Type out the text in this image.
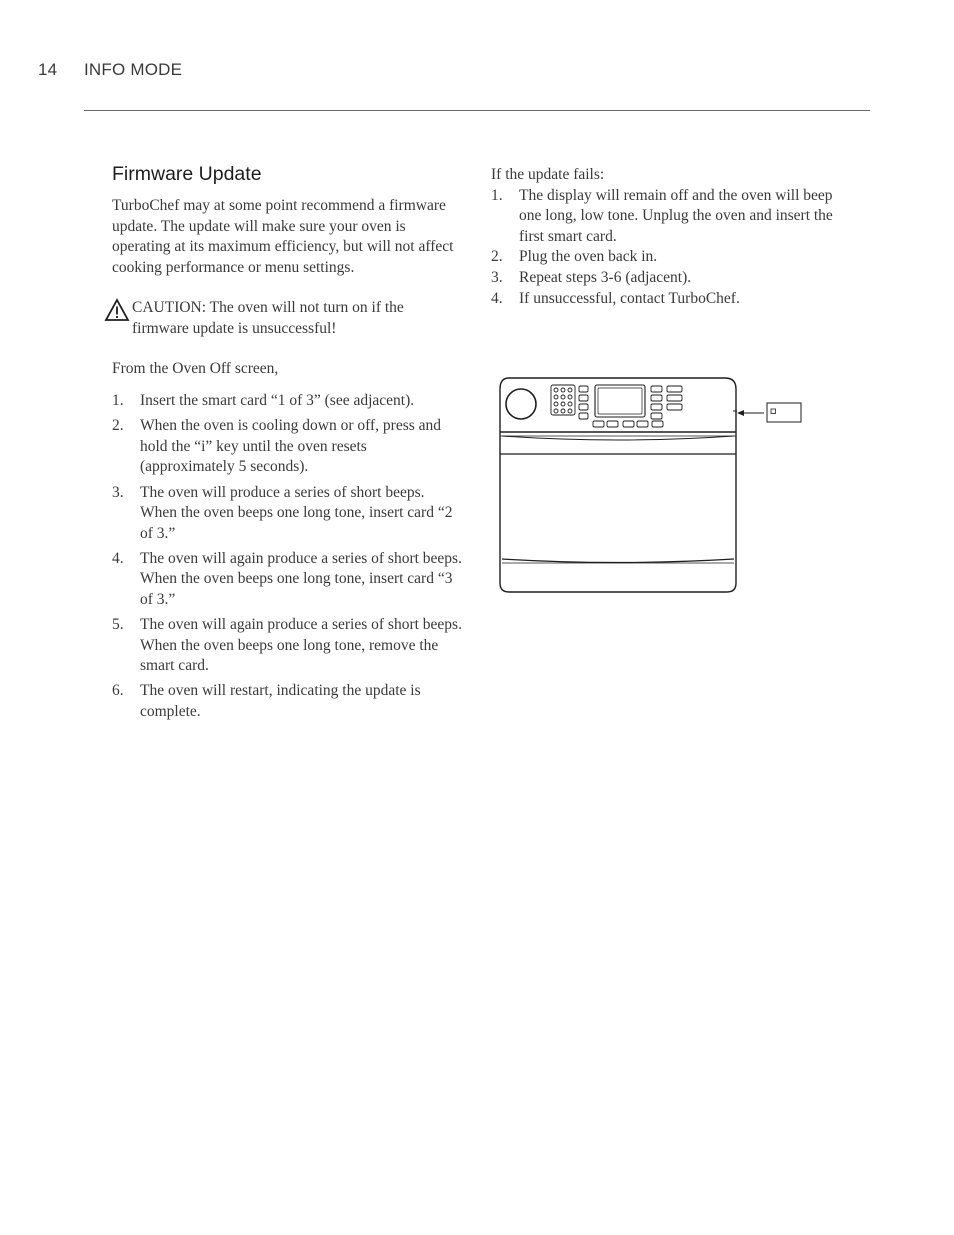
14 INFO MODE
Firmware Update

TurboChef may at some point recommend a firmware update. The update will make sure your oven is operating at its maximum efficiency, but will not affect cooking performance or menu settings.

CAUTION: The oven will not turn on if the firmware update is unsuccessful!

From the Oven Off screen,

1. Insert the smart card “1 of 3” (see adjacent).
2. When the oven is cooling down or off, press and hold the “i” key until the oven resets (approximately 5 seconds).
3. The oven will produce a series of short beeps. When the oven beeps one long tone, insert card “2 of 3.”
4. The oven will again produce a series of short beeps. When the oven beeps one long tone, insert card “3 of 3.”
5. The oven will again produce a series of short beeps. When the oven beeps one long tone, remove the smart card.
6. The oven will restart, indicating the update is complete.

If the update fails:

1. The display will remain off and the oven will beep one long, low tone. Unplug the oven and insert the first smart card.
2. Plug the oven back in.
3. Repeat steps 3-6 (adjacent).
4. If unsuccessful, contact TurboChef.
